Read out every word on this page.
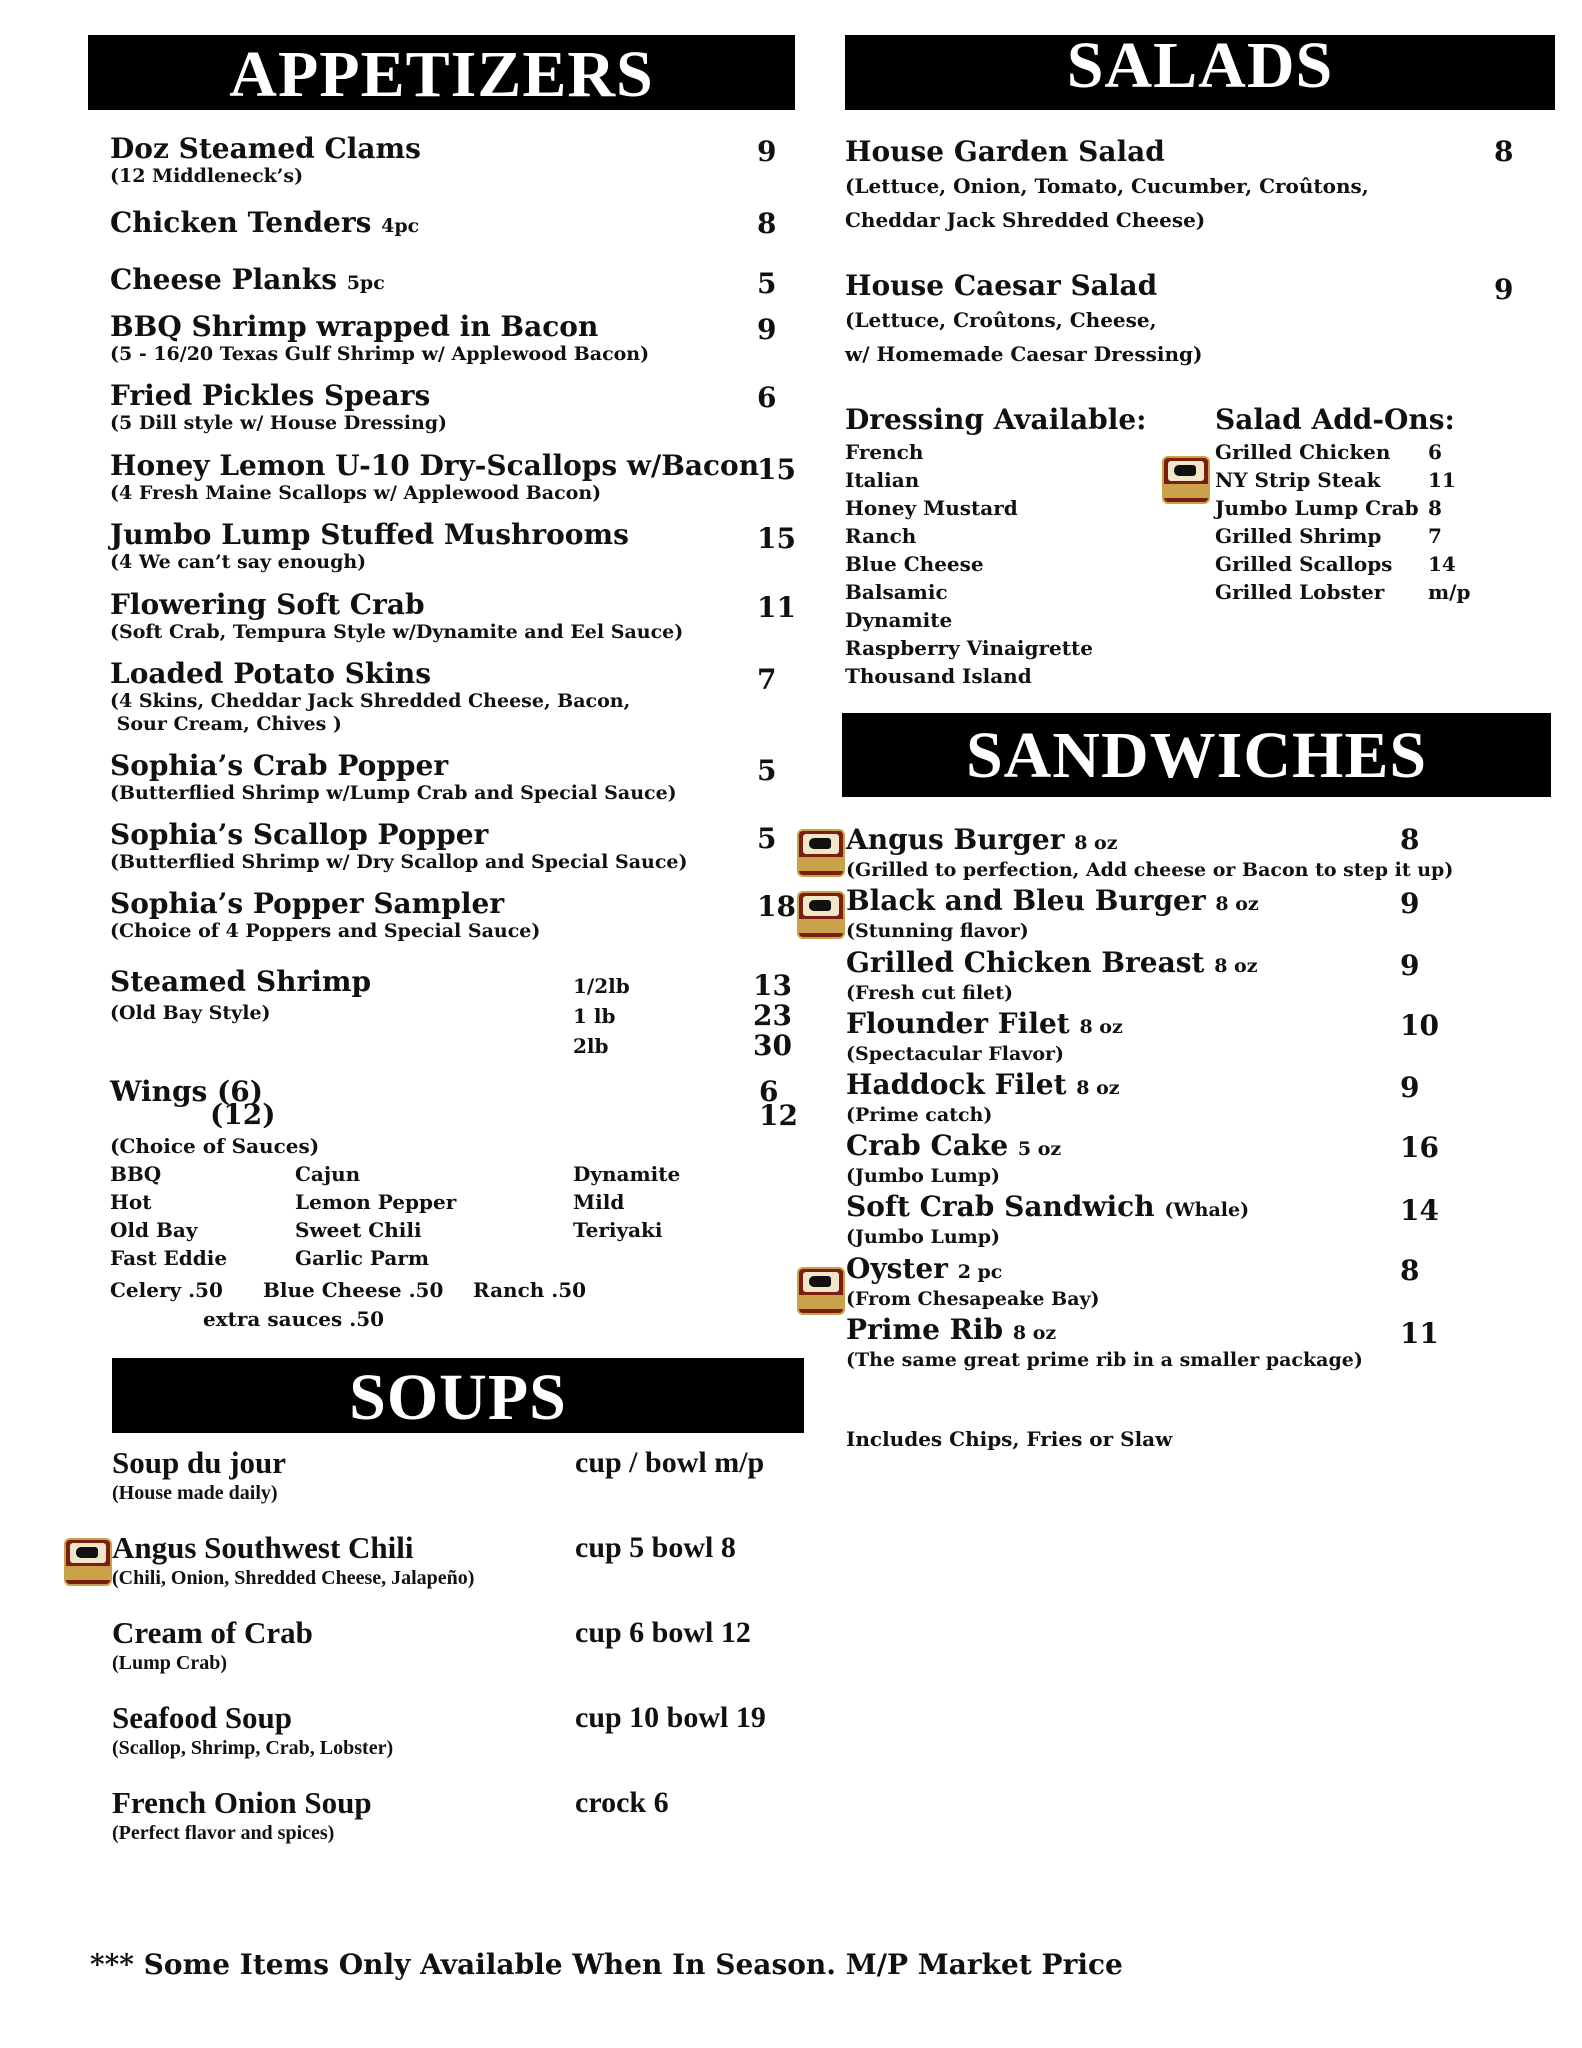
APPETIZERS
Doz Steamed Clams
(12 Middleneck’s)
9
Chicken Tenders 4pc	8
Cheese Planks 5pc	5
BBQ Shrimp wrapped in Bacon
(5 - 16/20 Texas Gulf Shrimp w/ Applewood Bacon)
9
Fried Pickles Spears
(5 Dill style w/ House Dressing)
6
Honey Lemon U-10 Dry-Scallops w/Bacon
(4 Fresh Maine Scallops w/ Applewood Bacon)
15
Jumbo Lump Stuffed Mushrooms
(4 We can’t say enough)
15
Flowering Soft Crab
(Soft Crab, Tempura Style w/Dynamite and Eel Sauce)
11
Loaded Potato Skins
(4 Skins, Cheddar Jack Shredded Cheese, Bacon,
Sour Cream, Chives )
7
Sophia’s Crab Popper
(Butterflied Shrimp w/Lump Crab and Special Sauce)
5
Sophia’s Scallop Popper
(Butterflied Shrimp w/ Dry Scallop and Special Sauce)
5
Sophia’s Popper Sampler
(Choice of 4 Poppers and Special Sauce)
18
Steamed Shrimp
(Old Bay Style)
1/2lb
1 lb
2lb
13
23
30
Wings (6)
(12)
6
12
(Choice of Sauces)
BBQ
Hot
Old Bay
Fast Eddie
Cajun
Lemon Pepper
Sweet Chili
Garlic Parm
Dynamite
Mild
Teriyaki
Celery .50 Blue Cheese .50 Ranch .50
extra sauces .50
SOUPS
Soup du jour
(House made daily)
cup / bowl m/p
Angus Southwest Chili
(Chili, Onion, Shredded Cheese, Jalapeño)
cup 5 bowl 8
Cream of Crab
(Lump Crab)
cup 6 bowl 12
Seafood Soup
(Scallop, Shrimp, Crab, Lobster)
cup 10 bowl 19
French Onion Soup
(Perfect flavor and spices)
crock 6
SALADS
House Garden Salad
(Lettuce, Onion, Tomato, Cucumber, Croûtons,
Cheddar Jack Shredded Cheese)
8
House Caesar Salad
(Lettuce, Croûtons, Cheese,
w/ Homemade Caesar Dressing)
9
Dressing Available:
French
Italian
Honey Mustard
Ranch
Blue Cheese
Balsamic
Dynamite
Raspberry Vinaigrette
Thousand Island
Salad Add-Ons:
Grilled Chicken
NY Strip Steak
Jumbo Lump Crab
Grilled Shrimp
Grilled Scallops
Grilled Lobster
6
11
8
7
14
m/p
SANDWICHES
Angus Burger 8 oz
(Grilled to perfection, Add cheese or Bacon to step it up)
8
Black and Bleu Burger 8 oz
(Stunning flavor)
9
Grilled Chicken Breast 8 oz
(Fresh cut filet)
9
Flounder Filet 8 oz
(Spectacular Flavor)
10
Haddock Filet 8 oz
(Prime catch)
9
Crab Cake 5 oz
(Jumbo Lump)
16
Soft Crab Sandwich (Whale)
(Jumbo Lump)
14
Oyster 2 pc
(From Chesapeake Bay)
8
Prime Rib 8 oz
(The same great prime rib in a smaller package)
11
Includes Chips, Fries or Slaw
*** Some Items Only Available When In Season. M/P Market Price
